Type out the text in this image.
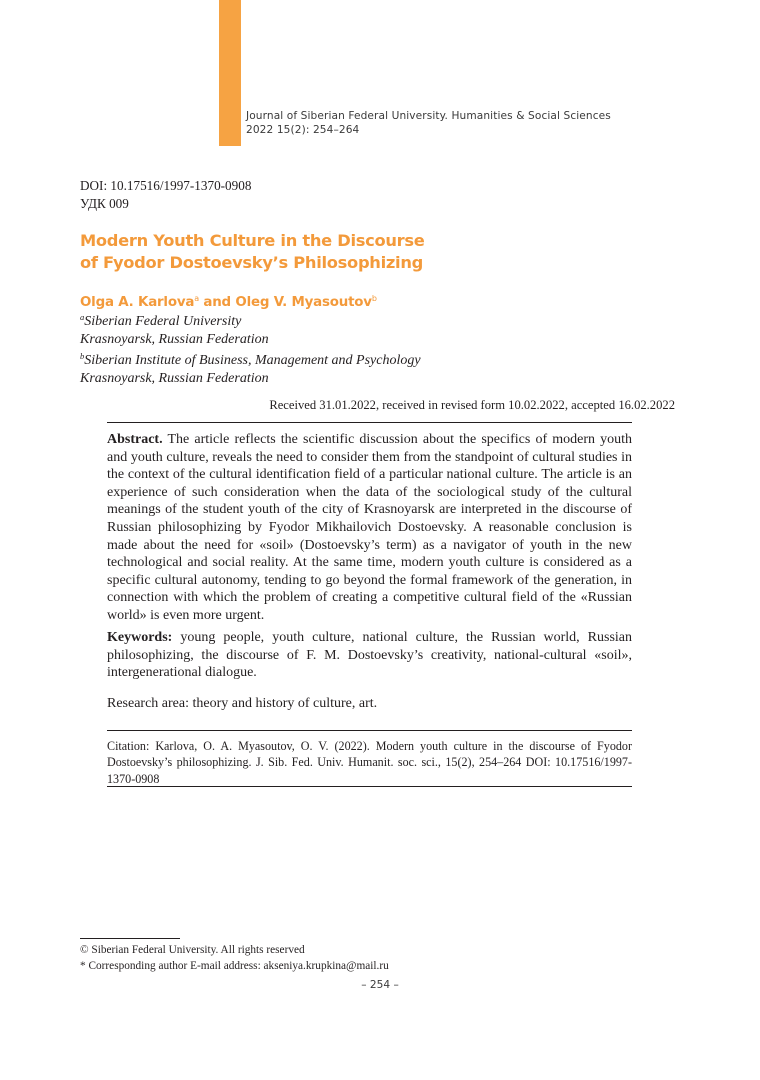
Journal of Siberian Federal University. Humanities & Social Sciences
2022 15(2): 254–264
DOI: 10.17516/1997-1370-0908
УДК 009
Modern Youth Culture in the Discourse
of Fyodor Dostoevsky’s Philosophizing
Olga A. Karlova$^a$ and Oleg V. Myasoutov$^b$
$^a$Siberian Federal University
Krasnoyarsk, Russian Federation
$^b$Siberian Institute of Business, Management and Psychology
Krasnoyarsk, Russian Federation
Received 31.01.2022, received in revised form 10.02.2022, accepted 16.02.2022
Abstract. The article reflects the scientific discussion about the specifics of modern youth and youth culture, reveals the need to consider them from the standpoint of cultural studies in the context of the cultural identification field of a particular national culture. The article is an experience of such consideration when the data of the sociological study of the cultural meanings of the student youth of the city of Krasnoyarsk are interpreted in the discourse of Russian philosophizing by Fyodor Mikhailovich Dostoevsky. A reasonable conclusion is made about the need for «soil» (Dostoevsky’s term) as a navigator of youth in the new technological and social reality. At the same time, modern youth culture is considered as a specific cultural autonomy, tending to go beyond the formal framework of the generation, in connection with which the problem of creating a competitive cultural field of the «Russian world» is even more urgent.
Keywords: young people, youth culture, national culture, the Russian world, Russian philosophizing, the discourse of F. M. Dostoevsky’s creativity, national-cultural «soil», intergenerational dialogue.
Research area: theory and history of culture, art.
Citation: Karlova, O. A. Myasoutov, O. V. (2022). Modern youth culture in the discourse of Fyodor Dostoevsky’s philosophizing. J. Sib. Fed. Univ. Humanit. soc. sci., 15(2), 254–264 DOI: 10.17516/1997-1370-0908
© Siberian Federal University. All rights reserved
* Corresponding author E-mail address: akseniya.krupkina@mail.ru
– 254 –
